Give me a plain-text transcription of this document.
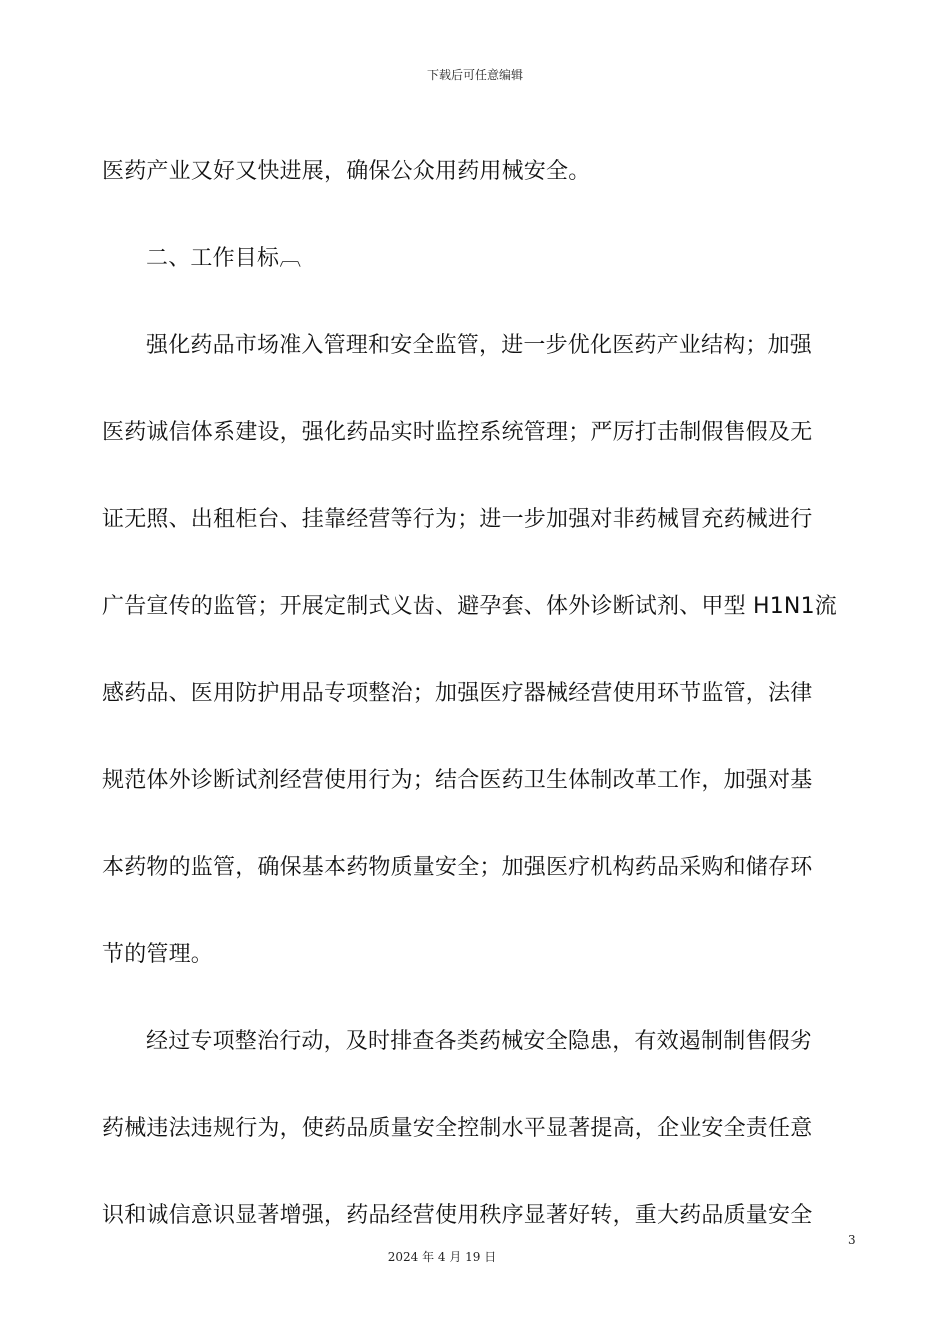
下载后可任意编辑
医药产业又好又快进展，确保公众用药用械安全。
二、工作目标︹
强化药品市场准入管理和安全监管，进一步优化医药产业结构；加强
医药诚信体系建设，强化药品实时监控系统管理；严厉打击制假售假及无
证无照、出租柜台、挂靠经营等行为；进一步加强对非药械冒充药械进行
广告宣传的监管；开展定制式义齿、避孕套、体外诊断试剂、甲型 H1N1流
感药品、医用防护用品专项整治；加强医疗器械经营使用环节监管，法律
规范体外诊断试剂经营使用行为；结合医药卫生体制改革工作，加强对基
本药物的监管，确保基本药物质量安全；加强医疗机构药品采购和储存环
节的管理。
经过专项整治行动，及时排查各类药械安全隐患，有效遏制制售假劣
药械违法违规行为，使药品质量安全控制水平显著提高，企业安全责任意
识和诚信意识显著增强，药品经营使用秩序显著好转，重大药品质量安全
3
2024 年 4 月 19 日
